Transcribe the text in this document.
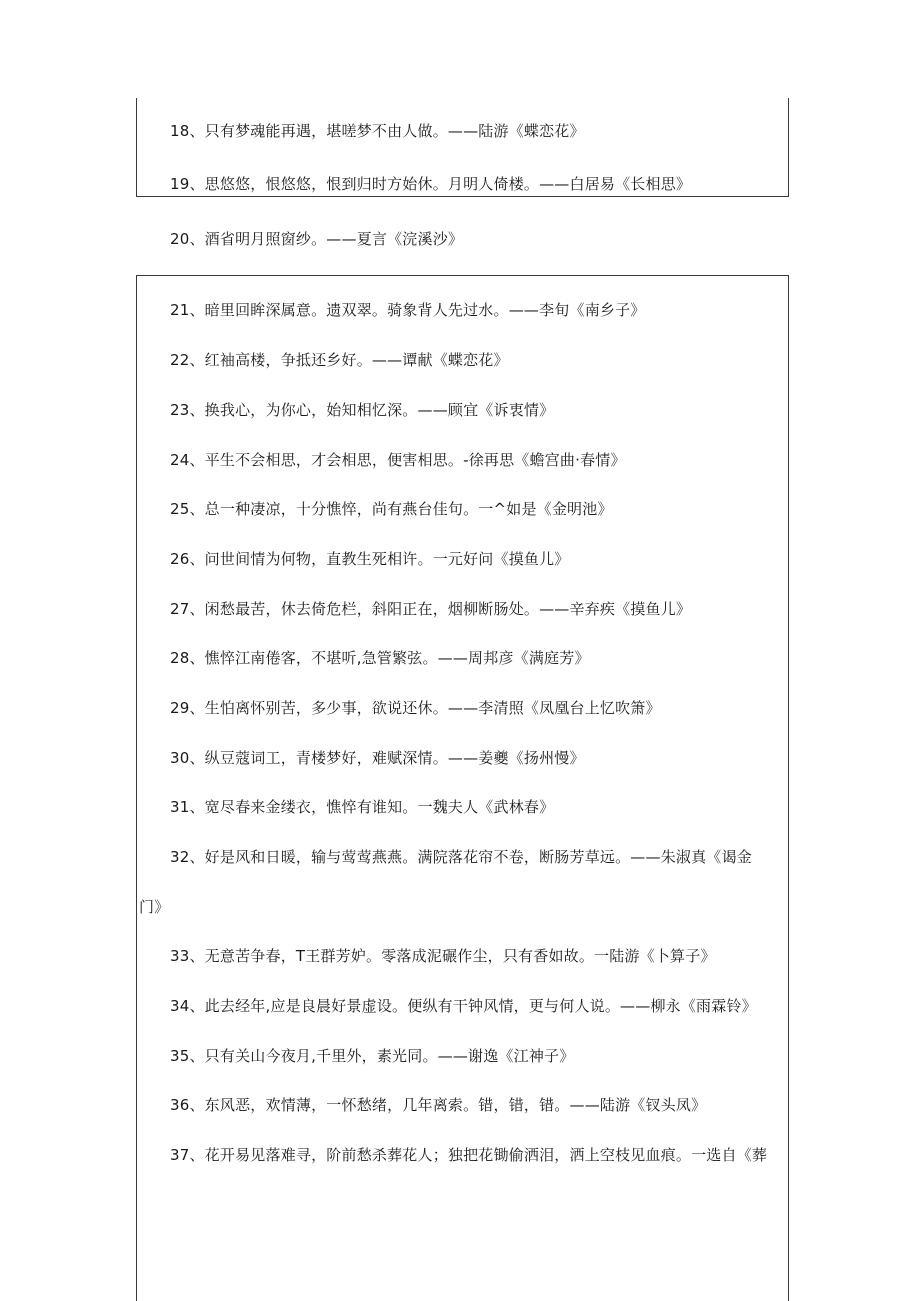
18、只有梦魂能再遇，堪嗟梦不由人做。——陆游《蝶恋花》
19、思悠悠，恨悠悠，恨到归时方始休。月明人倚楼。——白居易《长相思》
20、酒省明月照窗纱。——夏言《浣溪沙》
21、暗里回眸深属意。遗双翠。骑象背人先过水。——李旬《南乡子》
22、红袖高楼，争抵还乡好。——谭献《蝶恋花》
23、换我心，为你心，始知相忆深。——顾宜《诉衷情》
24、平生不会相思，才会相思，便害相思。-徐再思《蟾宫曲·春情》
25、总一种凄凉，十分憔悴，尚有燕台佳句。一^如是《金明池》
26、问世间情为何物，直教生死相许。一元好问《摸鱼儿》
27、闲愁最苦，休去倚危栏，斜阳正在，烟柳断肠处。——辛弃疾《摸鱼儿》
28、憔悴江南倦客，不堪听,急管繁弦。——周邦彦《满庭芳》
29、生怕离怀别苦，多少事，欲说还休。——李清照《凤凰台上忆吹箫》
30、纵豆蔻词工，青楼梦好，难赋深情。——姜夔《扬州慢》
31、宽尽春来金缕衣，憔悴有谁知。一魏夫人《武林春》
32、好是风和日暖，输与莺莺燕燕。满院落花帘不卷，断肠芳草远。——朱淑真《谒金
门》
33、无意苦争春，T王群芳妒。零落成泥碾作尘，只有香如故。一陆游《卜算子》
34、此去经年,应是良晨好景虚设。便纵有干钟风情，更与何人说。——柳永《雨霖铃》
35、只有关山今夜月,千里外，素光同。——谢逸《江神子》
36、东风恶，欢情薄，一怀愁绪，几年离索。错，错，错。——陆游《钗头凤》
37、花开易见落难寻，阶前愁杀葬花人；独把花锄偷洒泪，洒上空枝见血痕。一选自《葬
